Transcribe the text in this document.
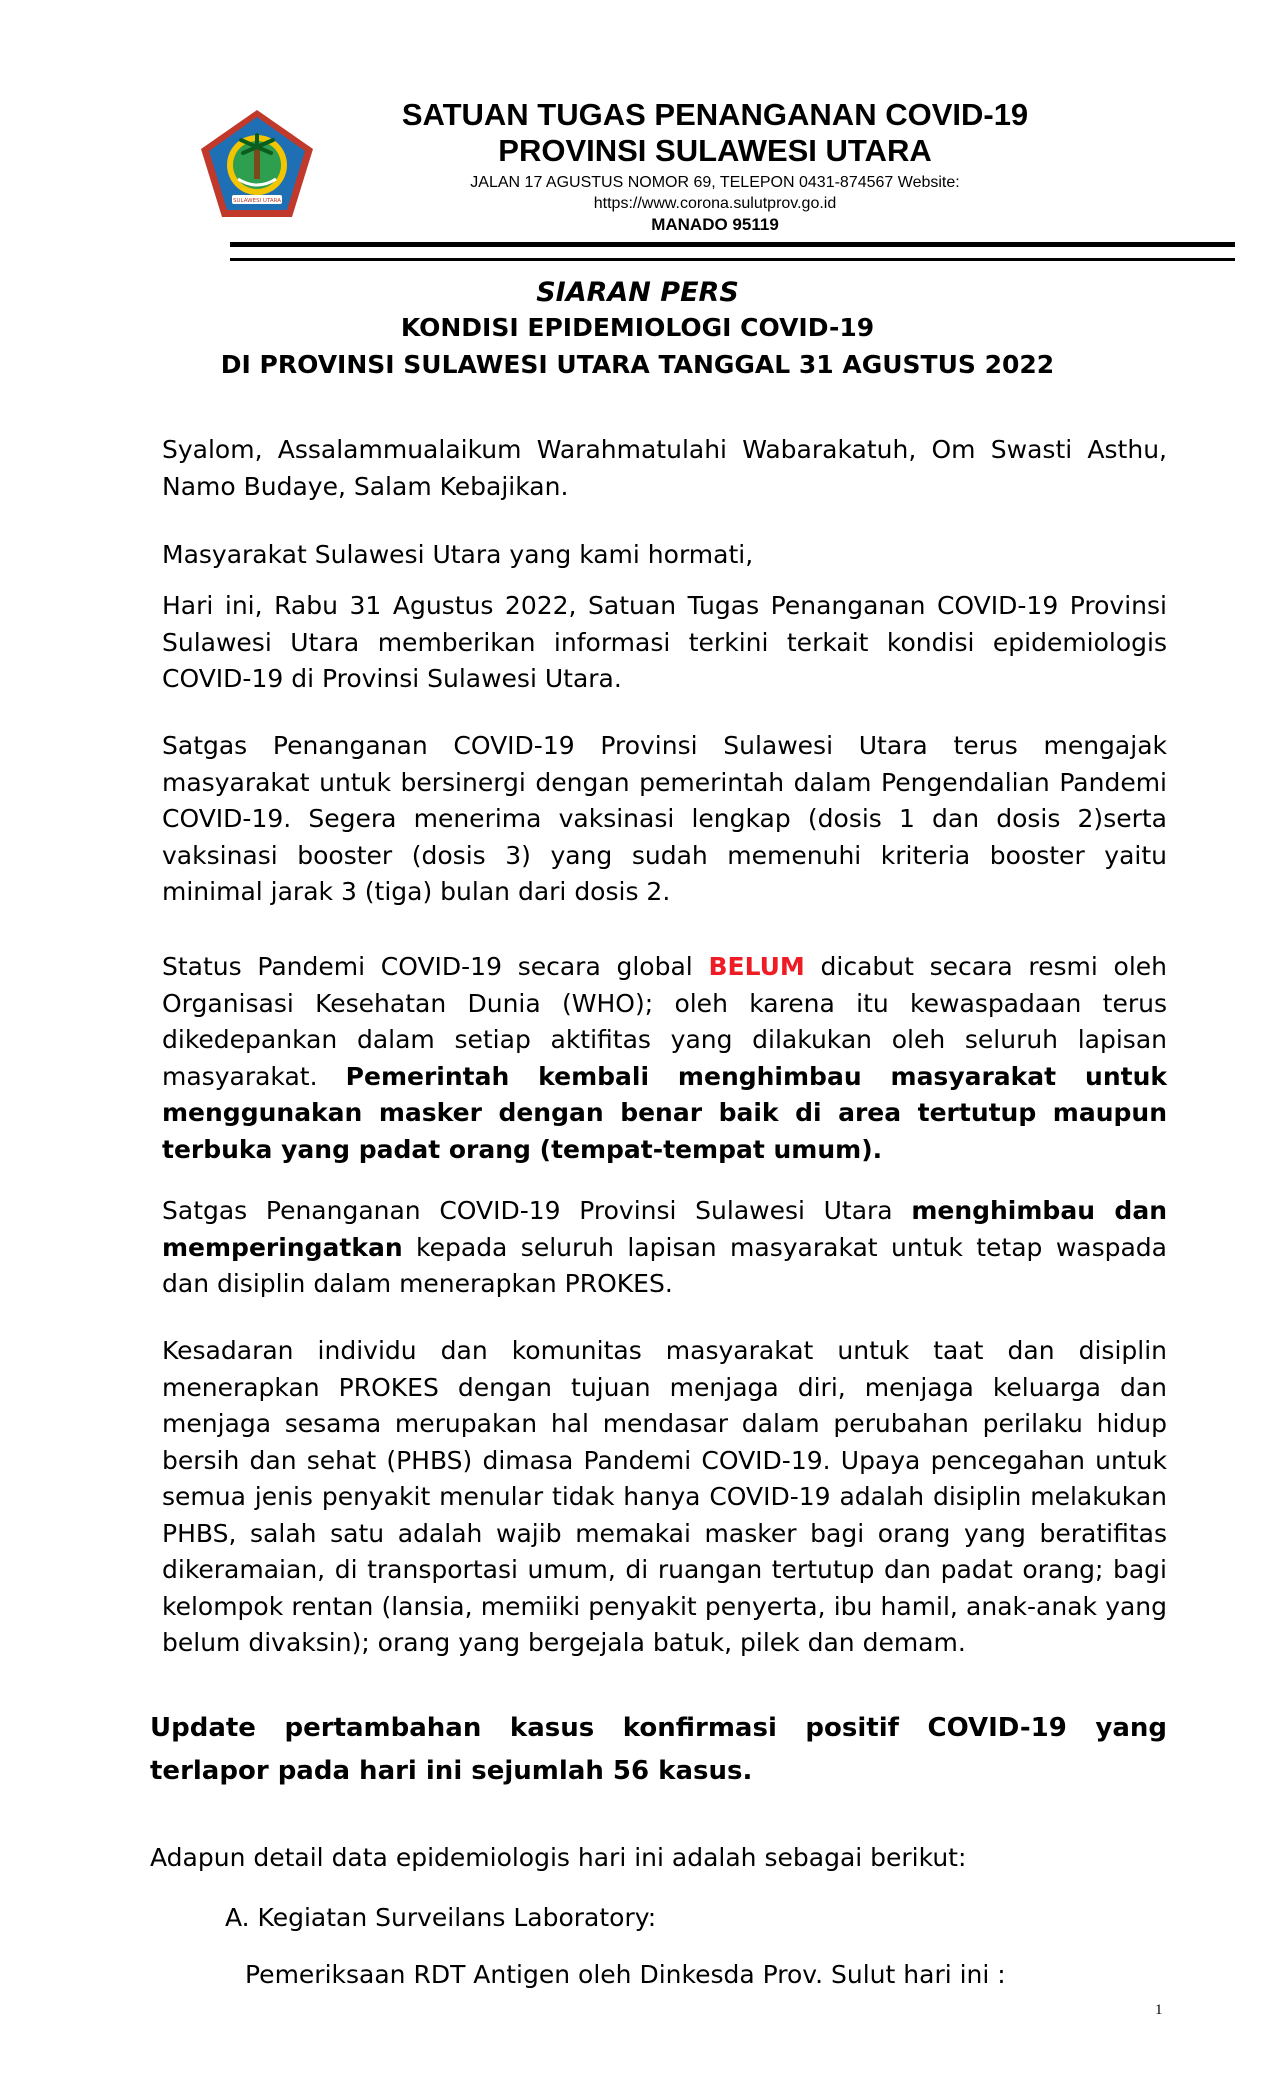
SULAWESI UTARA
SATUAN TUGAS PENANGANAN COVID-19
PROVINSI SULAWESI UTARA
JALAN 17 AGUSTUS NOMOR 69, TELEPON 0431-874567 Website:
https://www.corona.sulutprov.go.id
MANADO 95119
SIARAN PERS
KONDISI EPIDEMIOLOGI COVID-19
DI PROVINSI SULAWESI UTARA TANGGAL 31 AGUSTUS 2022

Syalom, Assalammualaikum Warahmatulahi Wabarakatuh, Om Swasti Asthu, Namo Budaye, Salam Kebajikan.

Masyarakat Sulawesi Utara yang kami hormati,

Hari ini, Rabu 31 Agustus 2022, Satuan Tugas Penanganan COVID-19 Provinsi Sulawesi Utara memberikan informasi terkini terkait kondisi epidemiologis COVID-19 di Provinsi Sulawesi Utara.

Satgas Penanganan COVID-19 Provinsi Sulawesi Utara terus mengajak masyarakat untuk bersinergi dengan pemerintah dalam Pengendalian Pandemi COVID-19. Segera menerima vaksinasi lengkap (dosis 1 dan dosis 2)serta vaksinasi booster (dosis 3) yang sudah memenuhi kriteria booster yaitu minimal jarak 3 (tiga) bulan dari dosis 2.

Status Pandemi COVID-19 secara global BELUM dicabut secara resmi oleh Organisasi Kesehatan Dunia (WHO); oleh karena itu kewaspadaan terus dikedepankan dalam setiap aktifitas yang dilakukan oleh seluruh lapisan masyarakat. Pemerintah kembali menghimbau masyarakat untuk menggunakan masker dengan benar baik di area tertutup maupun terbuka yang padat orang (tempat-tempat umum).

Satgas Penanganan COVID-19 Provinsi Sulawesi Utara menghimbau dan memperingatkan kepada seluruh lapisan masyarakat untuk tetap waspada dan disiplin dalam menerapkan PROKES.

Kesadaran individu dan komunitas masyarakat untuk taat dan disiplin menerapkan PROKES dengan tujuan menjaga diri, menjaga keluarga dan menjaga sesama merupakan hal mendasar dalam perubahan perilaku hidup bersih dan sehat (PHBS) dimasa Pandemi COVID-19. Upaya pencegahan untuk semua jenis penyakit menular tidak hanya COVID-19 adalah disiplin melakukan PHBS, salah satu adalah wajib memakai masker bagi orang yang beratifitas dikeramaian, di transportasi umum, di ruangan tertutup dan padat orang; bagi kelompok rentan (lansia, memiiki penyakit penyerta, ibu hamil, anak-anak yang belum divaksin); orang yang bergejala batuk, pilek dan demam.

Update pertambahan kasus konfirmasi positif COVID-19 yang terlapor pada hari ini sejumlah 56 kasus.
Adapun detail data epidemiologis hari ini adalah sebagai berikut:
A. Kegiatan Surveilans Laboratory:
Pemeriksaan RDT Antigen oleh Dinkesda Prov. Sulut hari ini :
1
